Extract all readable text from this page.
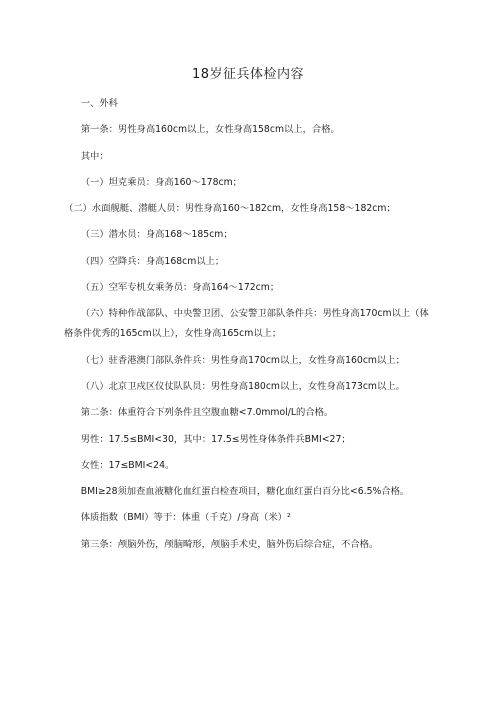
18岁征兵体检内容

一、外科

第一条：男性身高160cm以上，女性身高158cm以上，合格。

其中：

（一）坦克乘员：身高160～178cm；

（二）水面舰艇、潜艇人员：男性身高160～182cm，女性身高158～182cm；

（三）潜水员：身高168～185cm；

（四）空降兵：身高168cm以上；

（五）空军专机女乘务员：身高164～172cm；

（六）特种作战部队、中央警卫团、公安警卫部队条件兵：男性身高170cm以上（体格条件优秀的165cm以上），女性身高165cm以上；

（七）驻香港澳门部队条件兵：男性身高170cm以上，女性身高160cm以上；

（八）北京卫戍区仪仗队队员：男性身高180cm以上，女性身高173cm以上。

第二条：体重符合下列条件且空腹血糖<7.0mmol/L的合格。

男性：17.5≤BMI<30，其中：17.5≤男性身体条件兵BMI<27；

女性：17≤BMI<24。

BMI≥28须加查血液糖化血红蛋白检查项目，糖化血红蛋白百分比<6.5%合格。

体质指数（BMI）等于：体重（千克）/身高（米）²

第三条：颅脑外伤，颅脑畸形，颅脑手术史，脑外伤后综合症，不合格。
